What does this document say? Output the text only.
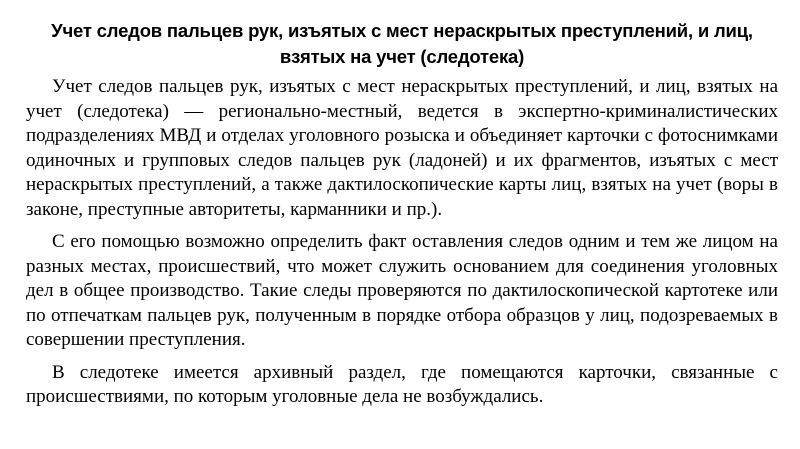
Учет следов пальцев рук, изъятых с мест нераскрытых преступлений, и лиц, взятых на учет (следотека)

Учет следов пальцев рук, изъятых с мест нераскрытых преступлений, и лиц, взятых на учет (следотека) — регионально-местный, ведется в экспертно-криминалистических подразделениях МВД и отделах уголовного розыска и объединяет карточки с фотоснимками одиночных и групповых следов пальцев рук (ладоней) и их фрагментов, изъятых с мест нераскрытых преступлений, а также дактилоскопические карты лиц, взятых на учет (воры в законе, преступные авторитеты, карманники и пр.).

С его помощью возможно определить факт оставления следов одним и тем же лицом на разных местах, происшествий, что может служить основанием для соединения уголовных дел в общее производство. Такие следы проверяются по дактилоскопической картотеке или по отпечаткам пальцев рук, полученным в порядке отбора образцов у лиц, подозреваемых в совершении преступления.

В следотеке имеется архивный раздел, где помещаются карточки, связанные с происшествиями, по которым уголовные дела не возбуждались.
